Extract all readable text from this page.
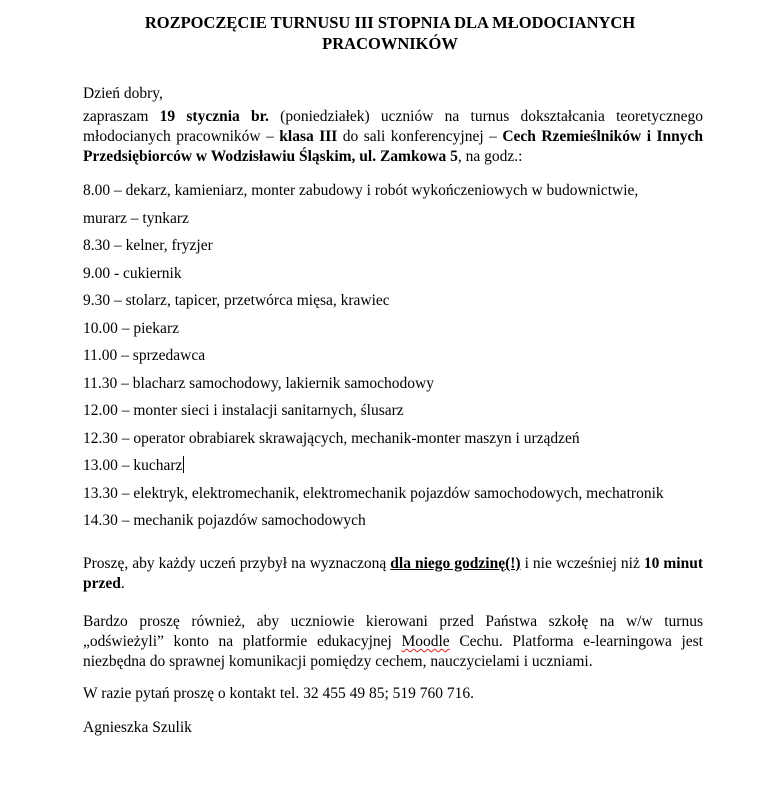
ROZPOCZĘCIE TURNUSU III STOPNIA DLA MŁODOCIANYCH
PRACOWNIKÓW
Dzień dobry,
zapraszam 19 stycznia br. (poniedziałek) uczniów na turnus dokształcania teoretycznego młodocianych pracowników – klasa III do sali konferencyjnej – Cech Rzemieślników i Innych Przedsiębiorców w Wodzisławiu Śląskim, ul. Zamkowa 5, na godz.:
8.00 – dekarz, kamieniarz, monter zabudowy i robót wykończeniowych w budownictwie,
murarz – tynkarz
8.30 – kelner, fryzjer
9.00 - cukiernik
9.30 – stolarz, tapicer, przetwórca mięsa, krawiec
10.00 – piekarz
11.00 – sprzedawca
11.30 – blacharz samochodowy, lakiernik samochodowy
12.00 – monter sieci i instalacji sanitarnych, ślusarz
12.30 – operator obrabiarek skrawających, mechanik-monter maszyn i urządzeń
13.00 – kucharz
13.30 – elektryk, elektromechanik, elektromechanik pojazdów samochodowych, mechatronik
14.30 – mechanik pojazdów samochodowych
Proszę, aby każdy uczeń przybył na wyznaczoną dla niego godzinę(!) i nie wcześniej niż 10 minut przed.
Bardzo proszę również, aby uczniowie kierowani przed Państwa szkołę na w/w turnus „odświeżyli” konto na platformie edukacyjnej Moodle Cechu. Platforma e-learningowa jest niezbędna do sprawnej komunikacji pomiędzy cechem, nauczycielami i uczniami.
W razie pytań proszę o kontakt tel. 32 455 49 85; 519 760 716.
Agnieszka Szulik
